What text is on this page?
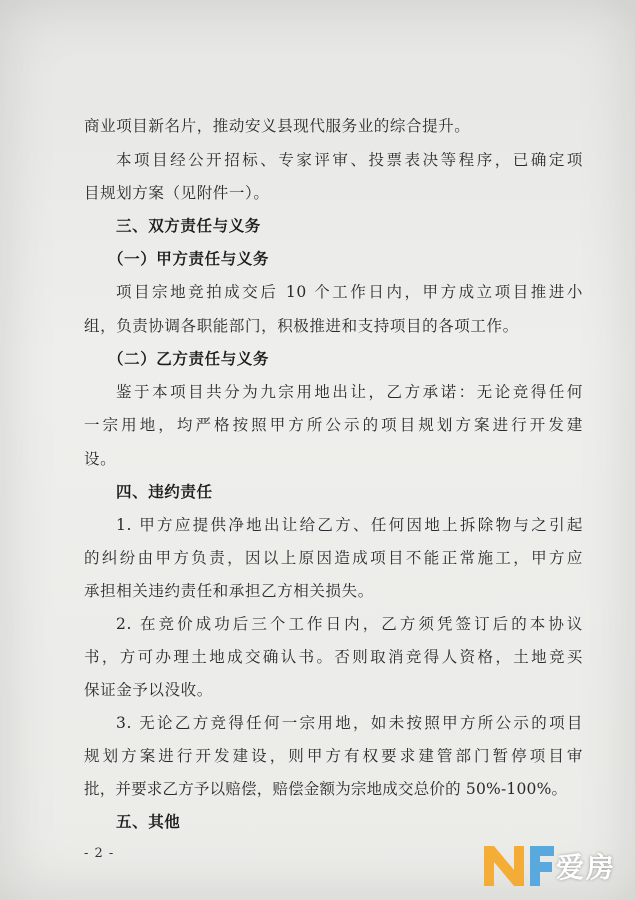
商业项目新名片，推动安义县现代服务业的综合提升。
本项目经公开招标、专家评审、投票表决等程序，已确定项
目规划方案（见附件一）。
三、双方责任与义务
（一）甲方责任与义务
项目宗地竞拍成交后 10 个工作日内，甲方成立项目推进小
组，负责协调各职能部门，积极推进和支持项目的各项工作。
（二）乙方责任与义务
鉴于本项目共分为九宗用地出让，乙方承诺：无论竞得任何
一宗用地，均严格按照甲方所公示的项目规划方案进行开发建
设。
四、违约责任
1. 甲方应提供净地出让给乙方、任何因地上拆除物与之引起
的纠纷由甲方负责，因以上原因造成项目不能正常施工，甲方应
承担相关违约责任和承担乙方相关损失。
2. 在竞价成功后三个工作日内，乙方须凭签订后的本协议
书，方可办理土地成交确认书。否则取消竞得人资格，土地竞买
保证金予以没收。
3. 无论乙方竞得任何一宗用地，如未按照甲方所公示的项目
规划方案进行开发建设，则甲方有权要求建管部门暂停项目审
批，并要求乙方予以赔偿，赔偿金额为宗地成交总价的 50%-100%。
五、其他
- 2 -	爱房
